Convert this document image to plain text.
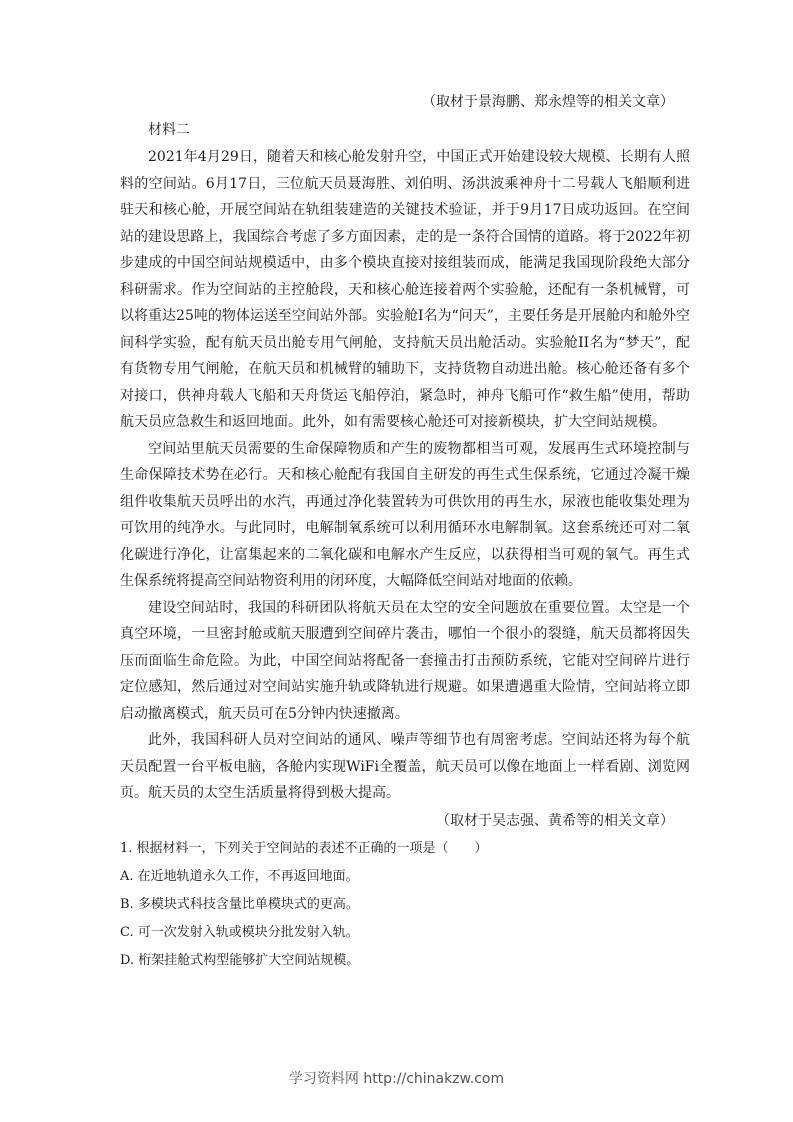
（取材于景海鹏、郑永煌等的相关文章）
材料二

2021年4月29日，随着天和核心舱发射升空，中国正式开始建设较大规模、长期有人照料的空间站。6月17日，三位航天员聂海胜、刘伯明、汤洪波乘神舟十二号载人飞船顺利进驻天和核心舱，开展空间站在轨组装建造的关键技术验证，并于9月17日成功返回。在空间站的建设思路上，我国综合考虑了多方面因素，走的是一条符合国情的道路。将于2022年初步建成的中国空间站规模适中，由多个模块直接对接组装而成，能满足我国现阶段绝大部分科研需求。作为空间站的主控舱段，天和核心舱连接着两个实验舱，还配有一条机械臂，可以将重达25吨的物体运送至空间站外部。实验舱I名为“问天”，主要任务是开展舱内和舱外空间科学实验，配有航天员出舱专用气闸舱，支持航天员出舱活动。实验舱II名为“梦天”，配有货物专用气闸舱，在航天员和机械臂的辅助下，支持货物自动进出舱。核心舱还备有多个对接口，供神舟载人飞船和天舟货运飞船停泊，紧急时，神舟飞船可作“救生船”使用，帮助航天员应急救生和返回地面。此外，如有需要核心舱还可对接新模块，扩大空间站规模。

空间站里航天员需要的生命保障物质和产生的废物都相当可观，发展再生式环境控制与生命保障技术势在必行。天和核心舱配有我国自主研发的再生式生保系统，它通过冷凝干燥组件收集航天员呼出的水汽，再通过净化装置转为可供饮用的再生水，尿液也能收集处理为可饮用的纯净水。与此同时，电解制氧系统可以利用循环水电解制氧。这套系统还可对二氧化碳进行净化，让富集起来的二氧化碳和电解水产生反应，以获得相当可观的氧气。再生式生保系统将提高空间站物资利用的闭环度，大幅降低空间站对地面的依赖。

建设空间站时，我国的科研团队将航天员在太空的安全问题放在重要位置。太空是一个真空环境，一旦密封舱或航天服遭到空间碎片袭击，哪怕一个很小的裂缝，航天员都将因失压而面临生命危险。为此，中国空间站将配备一套撞击打击预防系统，它能对空间碎片进行定位感知，然后通过对空间站实施升轨或降轨进行规避。如果遭遇重大险情，空间站将立即启动撤离模式，航天员可在5分钟内快速撤离。

此外，我国科研人员对空间站的通风、噪声等细节也有周密考虑。空间站还将为每个航天员配置一台平板电脑，各舱内实现WiFi全覆盖，航天员可以像在地面上一样看剧、浏览网页。航天员的太空生活质量将得到极大提高。

（取材于吴志强、黄希等的相关文章）
1. 根据材料一，下列关于空间站的表述不正确的一项是（　　）
A. 在近地轨道永久工作，不再返回地面。
B. 多模块式科技含量比单模块式的更高。
C. 可一次发射入轨或模块分批发射入轨。
D. 桁架挂舱式构型能够扩大空间站规模。
学习资料网 http://chinakzw.com
